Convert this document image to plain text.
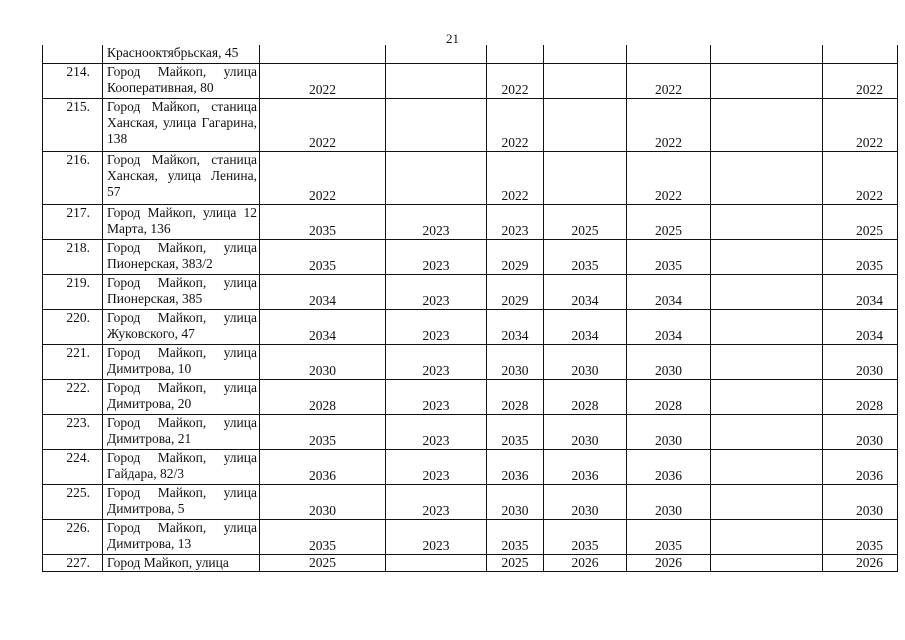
21
	Краснооктябрьская, 45							
214.	Город Майкоп, улица Кооперативная, 80	2022		2022		2022		2022
215.	Город Майкоп, станица Ханская, улица Гагарина, 138	2022		2022		2022		2022
216.	Город Майкоп, станица Ханская, улица Ленина, 57	2022		2022		2022		2022
217.	Город Майкоп, улица 12 Марта, 136	2035	2023	2023	2025	2025		2025
218.	Город Майкоп, улица Пионерская, 383/2	2035	2023	2029	2035	2035		2035
219.	Город Майкоп, улица Пионерская, 385	2034	2023	2029	2034	2034		2034
220.	Город Майкоп, улица Жуковского, 47	2034	2023	2034	2034	2034		2034
221.	Город Майкоп, улица Димитрова, 10	2030	2023	2030	2030	2030		2030
222.	Город Майкоп, улица Димитрова, 20	2028	2023	2028	2028	2028		2028
223.	Город Майкоп, улица Димитрова, 21	2035	2023	2035	2030	2030		2030
224.	Город Майкоп, улица Гайдара, 82/3	2036	2023	2036	2036	2036		2036
225.	Город Майкоп, улица Димитрова, 5	2030	2023	2030	2030	2030		2030
226.	Город Майкоп, улица Димитрова, 13	2035	2023	2035	2035	2035		2035
227.	Город Майкоп, улица	2025		2025	2026	2026		2026
